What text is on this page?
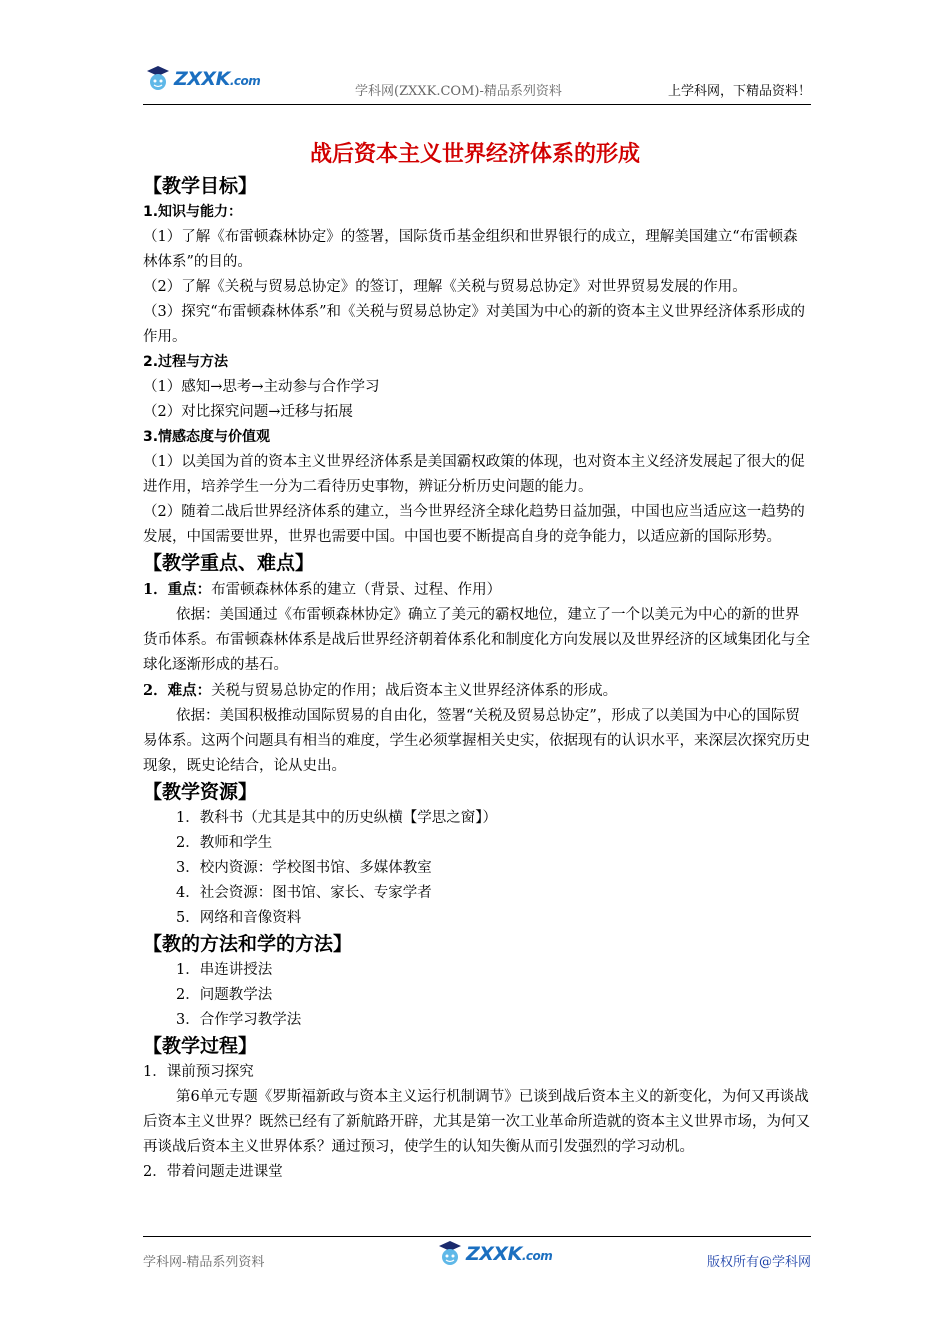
ZXXK.com
学科网(ZXXK.COM)-精品系列资料	上学科网，下精品资料！
战后资本主义世界经济体系的形成

【教学目标】

1.知识与能力：

（1）了解《布雷顿森林协定》的签署，国际货币基金组织和世界银行的成立，理解美国建立“布雷顿森林体系”的目的。

（2）了解《关税与贸易总协定》的签订，理解《关税与贸易总协定》对世界贸易发展的作用。

（3）探究“布雷顿森林体系”和《关税与贸易总协定》对美国为中心的新的资本主义世界经济体系形成的作用。

2.过程与方法

（1）感知→思考→主动参与合作学习

（2）对比探究问题→迁移与拓展

3.情感态度与价值观

（1）以美国为首的资本主义世界经济体系是美国霸权政策的体现，也对资本主义经济发展起了很大的促进作用，培养学生一分为二看待历史事物，辨证分析历史问题的能力。

（2）随着二战后世界经济体系的建立，当今世界经济全球化趋势日益加强，中国也应当适应这一趋势的发展，中国需要世界，世界也需要中国。中国也要不断提高自身的竞争能力，以适应新的国际形势。

【教学重点、难点】

1．重点：布雷顿森林体系的建立（背景、过程、作用）

依据：美国通过《布雷顿森林协定》确立了美元的霸权地位，建立了一个以美元为中心的新的世界货币体系。布雷顿森林体系是战后世界经济朝着体系化和制度化方向发展以及世界经济的区域集团化与全球化逐渐形成的基石。

2．难点：关税与贸易总协定的作用；战后资本主义世界经济体系的形成。

依据：美国积极推动国际贸易的自由化，签署“关税及贸易总协定”，形成了以美国为中心的国际贸易体系。这两个问题具有相当的难度，学生必须掌握相关史实，依据现有的认识水平，来深层次探究历史现象，既史论结合，论从史出。

【教学资源】

1．教科书（尤其是其中的历史纵横【学思之窗】）

2．教师和学生

3．校内资源：学校图书馆、多媒体教室

4．社会资源：图书馆、家长、专家学者

5．网络和音像资料

【教的方法和学的方法】

1．串连讲授法

2．问题教学法

3．合作学习教学法

【教学过程】

1．课前预习探究

第6单元专题《罗斯福新政与资本主义运行机制调节》已谈到战后资本主义的新变化，为何又再谈战后资本主义世界？既然已经有了新航路开辟，尤其是第一次工业革命所造就的资本主义世界市场，为何又再谈战后资本主义世界体系？通过预习，使学生的认知失衡从而引发强烈的学习动机。

2．带着问题走进课堂

学科网-精品系列资料	ZXXK.com	版权所有@学科网
